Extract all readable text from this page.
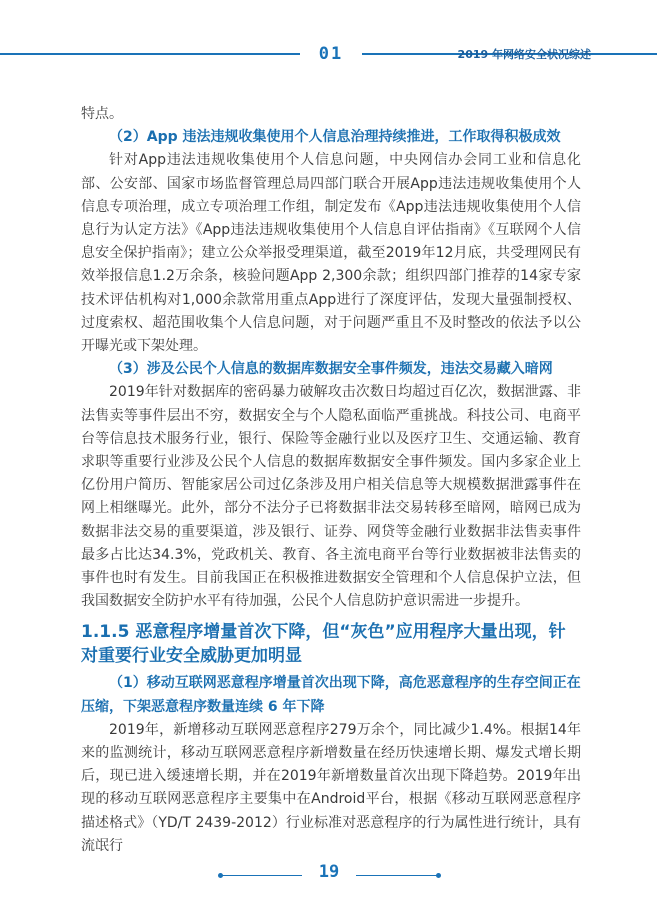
01	2019 年网络安全状况综述

特点。

（2）App 违法违规收集使用个人信息治理持续推进，工作取得积极成效

针对App违法违规收集使用个人信息问题，中央网信办会同工业和信息化部、公安部、国家市场监督管理总局四部门联合开展App违法违规收集使用个人信息专项治理，成立专项治理工作组，制定发布《App违法违规收集使用个人信息行为认定方法》《App违法违规收集使用个人信息自评估指南》《互联网个人信息安全保护指南》；建立公众举报受理渠道，截至2019年12月底，共受理网民有效举报信息1.2万余条，核验问题App 2,300余款；组织四部门推荐的14家专家技术评估机构对1,000余款常用重点App进行了深度评估，发现大量强制授权、过度索权、超范围收集个人信息问题，对于问题严重且不及时整改的依法予以公开曝光或下架处理。

（3）涉及公民个人信息的数据库数据安全事件频发，违法交易藏入暗网

2019年针对数据库的密码暴力破解攻击次数日均超过百亿次，数据泄露、非法售卖等事件层出不穷，数据安全与个人隐私面临严重挑战。科技公司、电商平台等信息技术服务行业，银行、保险等金融行业以及医疗卫生、交通运输、教育求职等重要行业涉及公民个人信息的数据库数据安全事件频发。国内多家企业上亿份用户简历、智能家居公司过亿条涉及用户相关信息等大规模数据泄露事件在网上相继曝光。此外，部分不法分子已将数据非法交易转移至暗网，暗网已成为数据非法交易的重要渠道，涉及银行、证券、网贷等金融行业数据非法售卖事件最多占比达34.3%，党政机关、教育、各主流电商平台等行业数据被非法售卖的事件也时有发生。目前我国正在积极推进数据安全管理和个人信息保护立法，但我国数据安全防护水平有待加强，公民个人信息防护意识需进一步提升。

1.1.5 恶意程序增量首次下降，但“灰色”应用程序大量出现，针对重要行业安全威胁更加明显

（1）移动互联网恶意程序增量首次出现下降，高危恶意程序的生存空间正在压缩，下架恶意程序数量连续 6 年下降

2019年，新增移动互联网恶意程序279万余个，同比减少1.4%。根据14年来的监测统计，移动互联网恶意程序新增数量在经历快速增长期、爆发式增长期后，现已进入缓速增长期，并在2019年新增数量首次出现下降趋势。2019年出现的移动互联网恶意程序主要集中在Android平台，根据《移动互联网恶意程序描述格式》（YD/T 2439-2012）行业标准对恶意程序的行为属性进行统计，具有流氓行

19
